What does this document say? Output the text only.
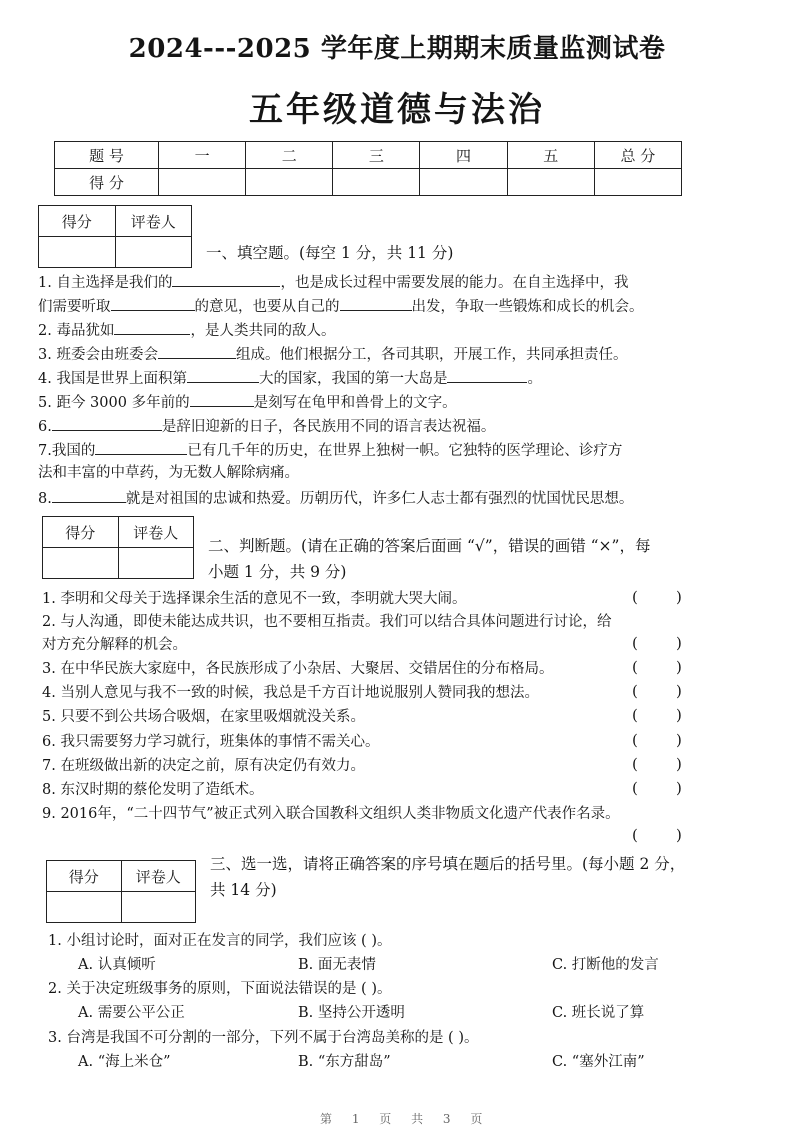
2024---2025 学年度上期期末质量监测试卷
五年级道德与法治
题 号	一	二	三	四	五	总 分
得 分						
得分	评卷人

一、填空题。(每空 1 分，共 11 分)
1. 自主选择是我们的	，也是成长过程中需要发展的能力。在自主选择中，我
们需要听取	的意见，也要从自己的	出发，争取一些锻炼和成长的机会。
2. 毒品犹如	，是人类共同的敌人。
3. 班委会由班委会	组成。他们根据分工，各司其职，开展工作，共同承担责任。
4. 我国是世界上面积第	大的国家，我国的第一大岛是	。
5. 距今 3000 多年前的	是刻写在龟甲和兽骨上的文字。
6.	是辞旧迎新的日子，各民族用不同的语言表达祝福。
7.我国的	已有几千年的历史，在世界上独树一帜。它独特的医学理论、诊疗方
法和丰富的中草药，为无数人解除病痛。
8.	就是对祖国的忠诚和热爱。历朝历代，许多仁人志士都有强烈的忧国忧民思想。
得分	评卷人

二、判断题。(请在正确的答案后面画 “√”，错误的画错 “×”，每
小题 1 分，共 9 分)
1. 李明和父母关于选择课余生活的意见不一致，李明就大哭大闹。	(        )
2. 与人沟通，即使未能达成共识，也不要相互指责。我们可以结合具体问题进行讨论，给
对方充分解释的机会。	(        )
3. 在中华民族大家庭中，各民族形成了小杂居、大聚居、交错居住的分布格局。	(        )
4. 当别人意见与我不一致的时候，我总是千方百计地说服别人赞同我的想法。	(        )
5. 只要不到公共场合吸烟，在家里吸烟就没关系。	(        )
6. 我只需要努力学习就行，班集体的事情不需关心。	(        )
7. 在班级做出新的决定之前，原有决定仍有效力。	(        )
8. 东汉时期的蔡伦发明了造纸术。	(        )
9. 2016年，“二十四节气”被正式列入联合国教科文组织人类非物质文化遗产代表作名录。
(        )
得分	评卷人

三、选一选，请将正确答案的序号填在题后的括号里。(每小题 2 分，
共 14 分)
1. 小组讨论时，面对正在发言的同学，我们应该 ( )。
A. 认真倾听	B. 面无表情	C. 打断他的发言
2. 关于决定班级事务的原则，下面说法错误的是 ( )。
A. 需要公平公正	B. 坚持公开透明	C. 班长说了算
3. 台湾是我国不可分割的一部分，下列不属于台湾岛美称的是 ( )。
A. “海上米仓”	B. “东方甜岛”	C. “塞外江南”
第 1 页 共 3 页
